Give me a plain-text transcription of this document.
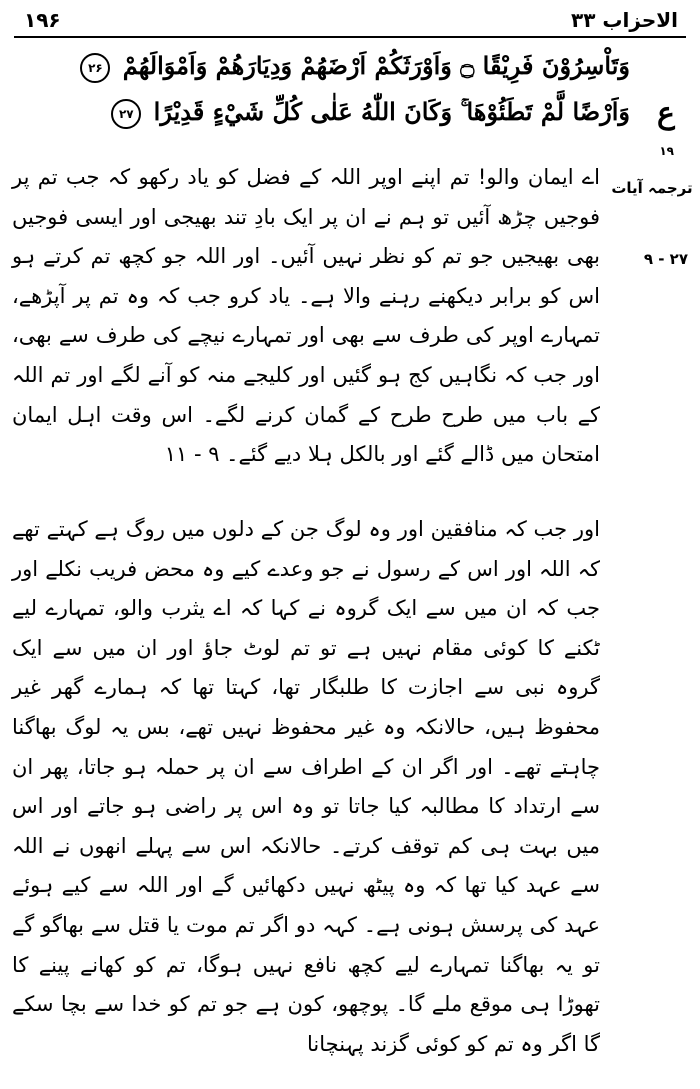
۱۹۶	الاحزاب ۳۳
وَتَاْسِرُوْنَ فَرِيْقًا ۝ وَاَوْرَثَكُمْ اَرْضَهُمْ وَدِيَارَهُمْ وَاَمْوَالَهُمْ ۲۶
وَاَرْضًا لَّمْ تَطَئُوْهَا ۚ وَكَانَ اللّٰهُ عَلٰى كُلِّ شَيْءٍ قَدِيْرًا ۲۷	ع
۱۹
ترجمہ آیات
۹ - ۲۷

اے ایمان والو! تم اپنے اوپر اللہ کے فضل کو یاد رکھو کہ جب تم پر فوجیں چڑھ آئیں تو ہم نے ان پر ایک بادِ تند بھیجی اور ایسی فوجیں بھی بھیجیں جو تم کو نظر نہیں آئیں۔ اور اللہ جو کچھ تم کرتے ہو اس کو برابر دیکھنے رہنے والا ہے۔ یاد کرو جب کہ وہ تم پر آپڑھے، تمہارے اوپر کی طرف سے بھی اور تمہارے نیچے کی طرف سے بھی، اور جب کہ نگاہیں کج ہو گئیں اور کلیجے منہ کو آنے لگے اور تم اللہ کے باب میں طرح طرح کے گمان کرنے لگے۔ اس وقت اہل ایمان امتحان میں ڈالے گئے اور بالکل ہلا دیے گئے۔ ۹ - ۱۱

اور جب کہ منافقین اور وہ لوگ جن کے دلوں میں روگ ہے کہتے تھے کہ اللہ اور اس کے رسول نے جو وعدے کیے وہ محض فریب نکلے اور جب کہ ان میں سے ایک گروہ نے کہا کہ اے یثرب والو، تمہارے لیے ٹکنے کا کوئی مقام نہیں ہے تو تم لوٹ جاؤ اور ان میں سے ایک گروہ نبی سے اجازت کا طلبگار تھا، کہتا تھا کہ ہمارے گھر غیر محفوظ ہیں، حالانکہ وہ غیر محفوظ نہیں تھے، بس یہ لوگ بھاگنا چاہتے تھے۔ اور اگر ان کے اطراف سے ان پر حملہ ہو جاتا، پھر ان سے ارتداد کا مطالبہ کیا جاتا تو وہ اس پر راضی ہو جاتے اور اس میں بہت ہی کم توقف کرتے۔ حالانکہ اس سے پہلے انھوں نے اللہ سے عہد کیا تھا کہ وہ پیٹھ نہیں دکھائیں گے اور اللہ سے کیے ہوئے عہد کی پرسش ہونی ہے۔ کہہ دو اگر تم موت یا قتل سے بھاگو گے تو یہ بھاگنا تمہارے لیے کچھ نافع نہیں ہوگا، تم کو کھانے پینے کا تھوڑا ہی موقع ملے گا۔ پوچھو، کون ہے جو تم کو خدا سے بچا سکے گا اگر وہ تم کو کوئی گزند پہنچانا
